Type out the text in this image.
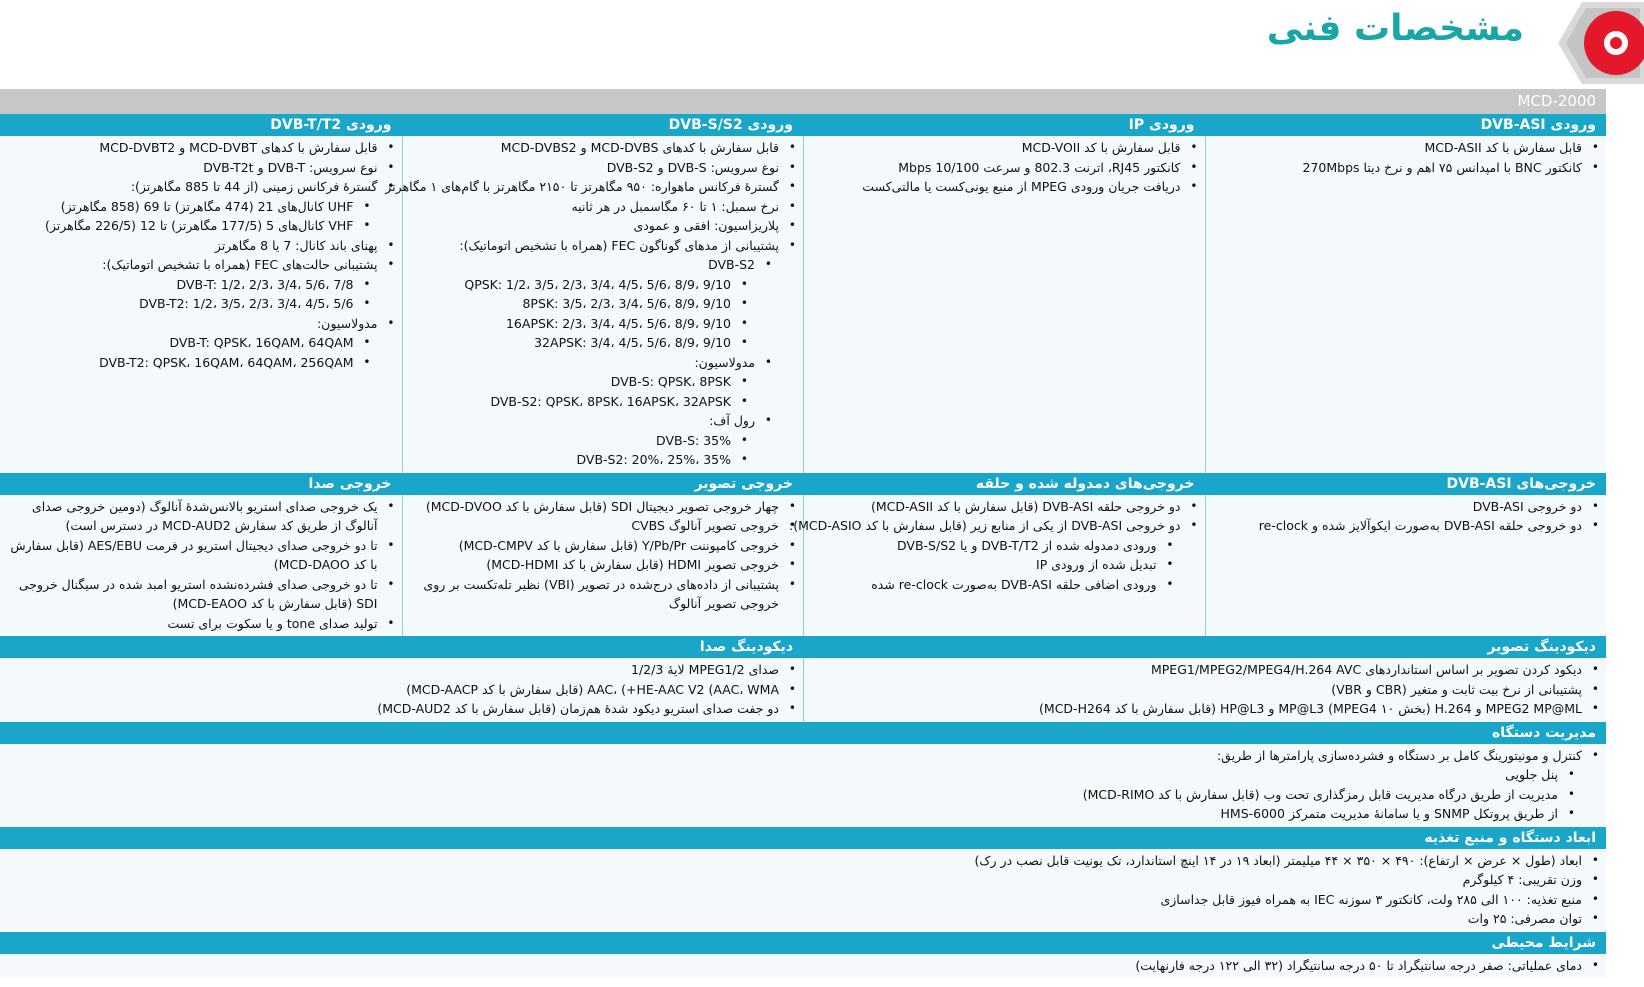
مشخصات فنی
MCD-2000
ورودی DVB-ASI
ورودی IP
ورودی DVB-S/S2
ورودی DVB-T/T2
• قابل سفارش با کد MCD-ASII
• کانکتور BNC با امپدانس ۷۵ اهم و نرخ دیتا 270Mbps
• قابل سفارش با کد MCD-VOII
• کانکتور RJ45، اترنت 802.3 و سرعت 10/100 Mbps
• دریافت جریان ورودی MPEG از منبع یونی‌کست یا مالتی‌کست
• قابل سفارش با کدهای MCD-DVBS و MCD-DVBS2
• نوع سرویس: DVB-S و DVB-S2
• گسترهٔ فرکانس ماهواره: ۹۵۰ مگاهرتز تا ۲۱۵۰ مگاهرتز با گام‌های ۱ مگاهرتز
• نرخ سمبل: ۱ تا ۶۰ مگاسمبل در هر ثانیه
• پلاریزاسیون: افقی و عمودی
• پشتیبانی از مدهای گوناگون FEC (همراه با تشخیص اتوماتیک):
• DVB-S2
• QPSK: 1/2، 3/5، 2/3، 3/4، 4/5، 5/6، 8/9، 9/10
• 8PSK: 3/5، 2/3، 3/4، 5/6، 8/9، 9/10
• 16APSK: 2/3، 3/4، 4/5، 5/6، 8/9، 9/10
• 32APSK: 3/4، 4/5، 5/6، 8/9، 9/10
• مدولاسیون:
• DVB-S: QPSK، 8PSK
• DVB-S2: QPSK، 8PSK، 16APSK، 32APSK
• رول آف:
• DVB-S: 35%
• DVB-S2: 20%، 25%، 35%
• قابل سفارش با کدهای MCD-DVBT و MCD-DVBT2
• نوع سرویس: DVB-T و DVB-T2t
• گسترهٔ فرکانس زمینی (از 44 تا 885 مگاهرتز):
• UHF کانال‌های 21 (474 مگاهرتز) تا 69 (858 مگاهرتز)
• VHF کانال‌های 5 (177/5 مگاهرتز) تا 12 (226/5 مگاهرتز)
• پهنای باند کانال: 7 یا 8 مگاهرتز
• پشتیبانی حالت‌های FEC (همراه با تشخیص اتوماتیک):
• DVB-T: 1/2، 2/3، 3/4، 5/6، 7/8
• DVB-T2: 1/2، 3/5، 2/3، 3/4، 4/5، 5/6
• مدولاسیون:
• DVB-T: QPSK، 16QAM، 64QAM
• DVB-T2: QPSK، 16QAM، 64QAM، 256QAM
خروجی‌های DVB-ASI
خروجی‌های دمدوله شده و حلقه
خروجی تصویر
خروجی صدا
• دو خروجی DVB-ASI
• دو خروجی حلقه DVB-ASI به‌صورت ایکوآلایز شده و re-clock
• دو خروجی حلقه DVB-ASI (قابل سفارش با کد MCD-ASII)
• دو خروجی DVB-ASI از یکی از منابع زیر (قابل سفارش با کد MCD-ASIO):
• ورودی دمدوله شده از DVB-T/T2 و یا DVB-S/S2
• تبدیل شده از ورودی IP
• ورودی اضافی حلقه DVB-ASI به‌صورت re-clock شده
• چهار خروجی تصویر دیجیتال SDI (قابل سفارش با کد MCD-DVOO)
• خروجی تصویر آنالوگ CVBS
• خروجی کامپوننت Y/Pb/Pr (قابل سفارش با کد MCD-CMPV)
• خروجی تصویر HDMI (قابل سفارش با کد MCD-HDMI)
• پشتیبانی از داده‌های درج‌شده در تصویر (VBI) نظیر تله‌تکست بر روی خروجی تصویر آنالوگ
• یک خروجی صدای استریو بالانس‌شدهٔ آنالوگ (دومین خروجی صدای آنالوگ از طریق کد سفارش MCD-AUD2 در دسترس است)
• تا دو خروجی صدای دیجیتال استریو در فرمت AES/EBU (قابل سفارش با کد MCD-DAOO)
• تا دو خروجی صدای فشرده‌نشده استریو امبد شده در سیگنال خروجی SDI (قابل سفارش با کد MCD-EAOO)
• تولید صدای tone و یا سکوت برای تست
دیکودینگ تصویر
دیکودینگ صدا
• دیکود کردن تصویر بر اساس استانداردهای MPEG1/MPEG2/MPEG4/H.264 AVC
• پشتیبانی از نرخ بیت ثابت و متغیر (CBR و VBR)
• MPEG2 MP@ML و H.264 (بخش ۱۰ MPEG4) MP@L3 و HP@L3 (قابل سفارش با کد MCD-H264)
• صدای MPEG1/2 لایهٔ 1/2/3
• AAC، (+HE-AAC V2 (AAC، WMA (قابل سفارش با کد MCD-AACP)
• دو جفت صدای استریو دیکود شدهٔ هم‌زمان (قابل سفارش با کد MCD-AUD2)
مدیریت دستگاه
• کنترل و مونیتورینگ کامل بر دستگاه و فشرده‌سازی پارامترها از طریق:
• پنل جلویی
• مدیریت از طریق درگاه مدیریت قابل رمزگذاری تحت وب (قابل سفارش با کد MCD-RIMO)
• از طریق پروتکل SNMP و یا سامانهٔ مدیریت متمرکز HMS-6000
ابعاد دستگاه و منبع تغذیه
• ابعاد (طول × عرض × ارتفاع): ۴۹۰ × ۳۵۰ × ۴۴ میلیمتر (ابعاد ۱۹ در ۱۴ اینچ استاندارد، تک یونیت قابل نصب در رک)
• وزن تقریبی: ۴ کیلوگرم
• منبع تغذیه: ۱۰۰ الی ۲۸۵ ولت، کانکتور ۳ سوزنه IEC به همراه فیوز قابل جداسازی
• توان مصرفی: ۲۵ وات
شرایط محیطی
• دمای عملیاتی: صفر درجه سانتیگراد تا ۵۰ درجه سانتیگراد (۳۲ الی ۱۲۲ درجه فارنهایت)
